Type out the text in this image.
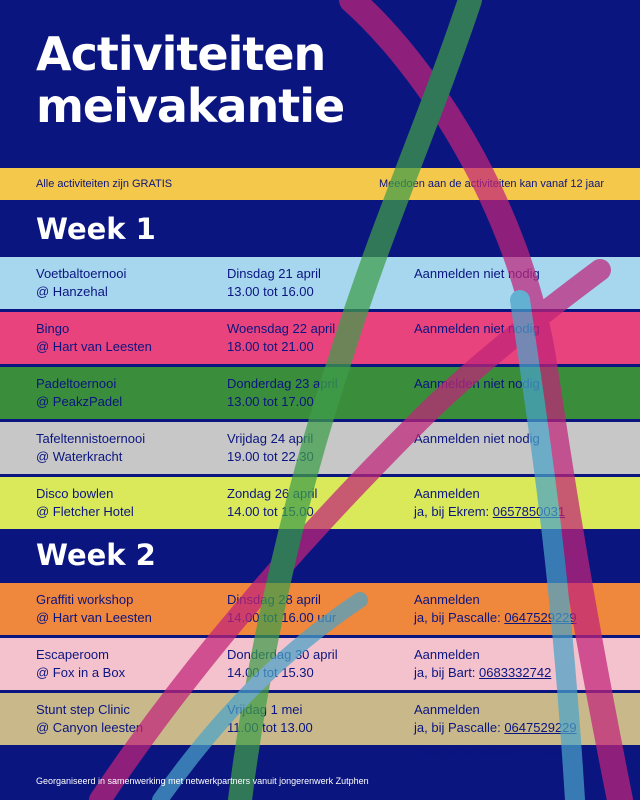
Activiteiten
meivakantie
Alle activiteiten zijn GRATIS	Meedoen aan de activiteiten kan vanaf 12 jaar
Week 1
Voetbaltoernooi
@ Hanzehal
Dinsdag 21 april
13.00 tot 16.00
Aanmelden niet nodig
Bingo
@ Hart van Leesten
Woensdag 22 april
18.00 tot 21.00
Aanmelden niet nodig
Padeltoernooi
@ PeakzPadel
Donderdag 23 april
13.00 tot 17.00
Aanmelden niet nodig
Tafeltennistoernooi
@ Waterkracht
Vrijdag 24 april
19.00 tot 22.30
Aanmelden niet nodig
Disco bowlen
@ Fletcher Hotel
Zondag 26 april
14.00 tot 15.00
Aanmelden
ja, bij Ekrem: 0657850031
Week 2
Graffiti workshop
@ Hart van Leesten
Dinsdag 28 april
14.00 tot 16.00 uur
Aanmelden
ja, bij Pascalle: 0647529229
Escaperoom
@ Fox in a Box
Donderdag 30 april
14.00 tot 15.30
Aanmelden
ja, bij Bart: 0683332742
Stunt step Clinic
@ Canyon leesten
Vrijdag 1 mei
11.00 tot 13.00
Aanmelden
ja, bij Pascalle: 0647529229
*Eigen step en bescherming verplicht*
Georganiseerd in samenwerking met netwerkpartners vanuit jongerenwerk Zutphen
